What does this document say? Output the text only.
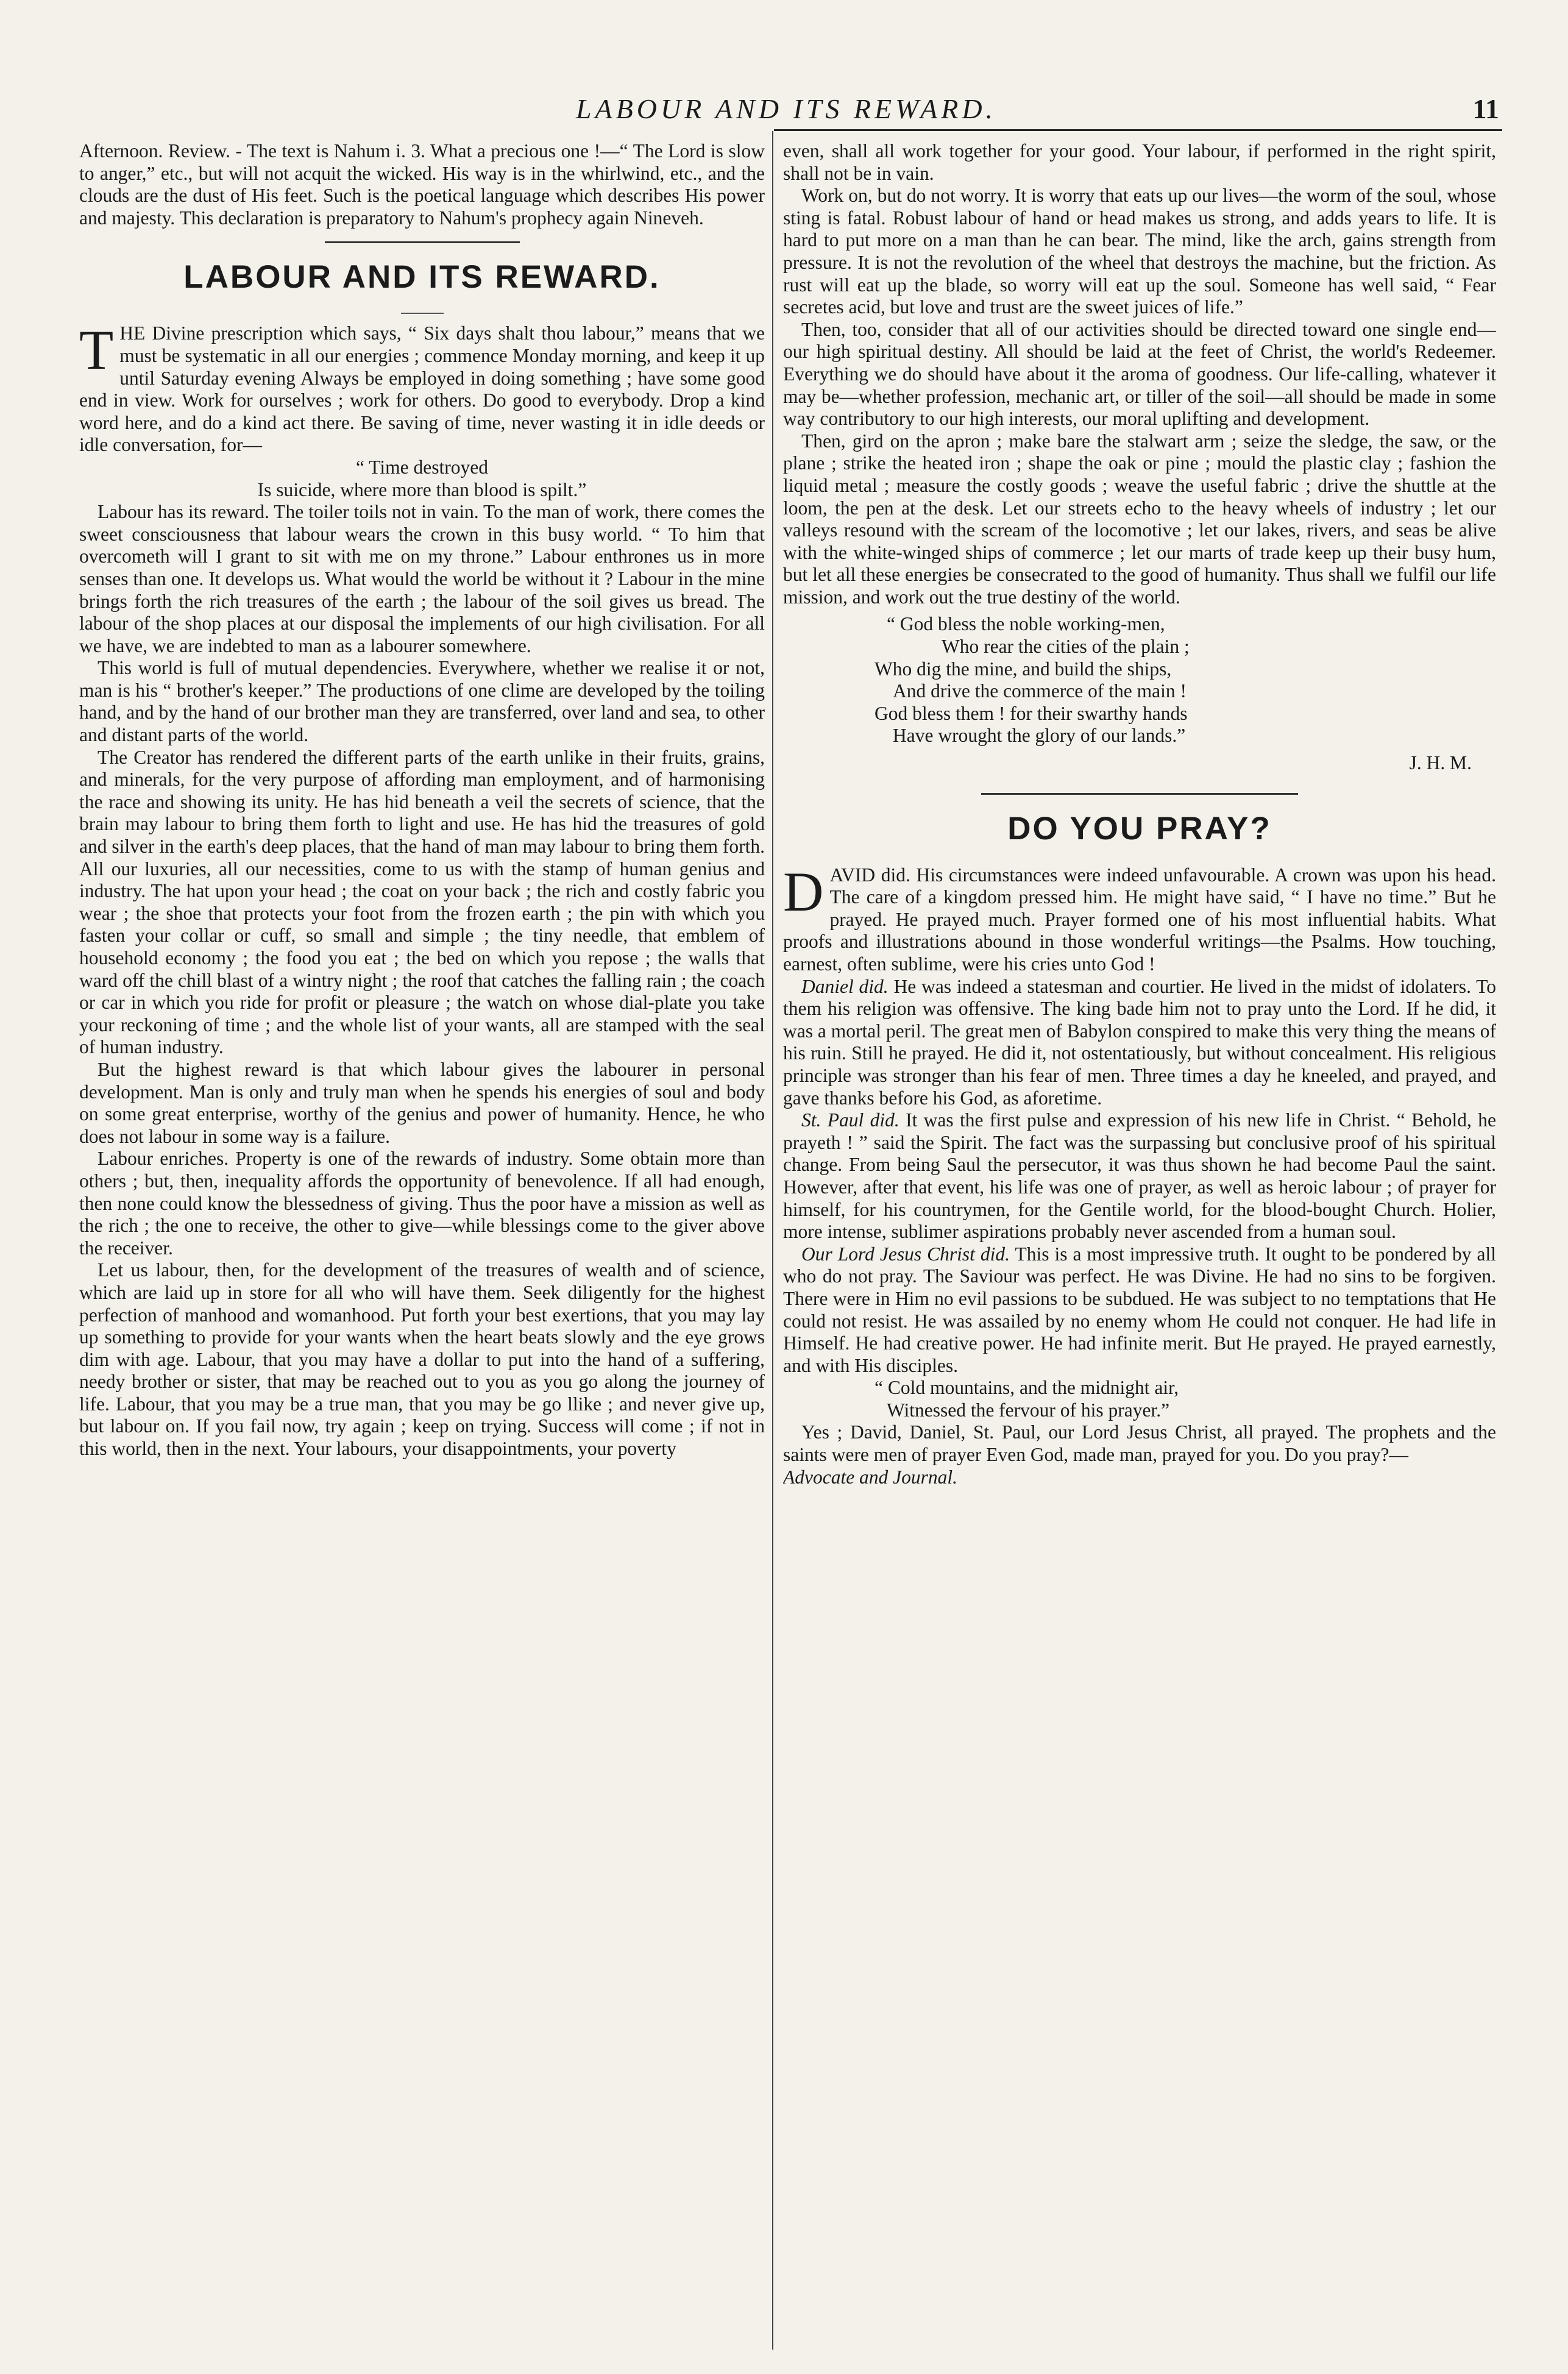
LABOUR AND ITS REWARD.	11

Afternoon. Review. - The text is Nahum i. 3. What a precious one !—“ The Lord is slow to anger,” etc., but will not acquit the wicked. His way is in the whirlwind, etc., and the clouds are the dust of His feet. Such is the poetical language which describes His power and majesty. This declaration is preparatory to Nahum's prophecy again Nineveh.

LABOUR AND ITS REWARD.

THE Divine prescription which says, “ Six days shalt thou labour,” means that we must be systematic in all our energies ; commence Monday morning, and keep it up until Saturday evening Always be employed in doing something ; have some good end in view. Work for ourselves ; work for others. Do good to everybody. Drop a kind word here, and do a kind act there. Be saving of time, never wasting it in idle deeds or idle conversation, for—

“ Time destroyed

Is suicide, where more than blood is spilt.”

Labour has its reward. The toiler toils not in vain. To the man of work, there comes the sweet consciousness that labour wears the crown in this busy world. “ To him that overcometh will I grant to sit with me on my throne.” Labour enthrones us in more senses than one. It develops us. What would the world be without it ? Labour in the mine brings forth the rich treasures of the earth ; the labour of the soil gives us bread. The labour of the shop places at our disposal the implements of our high civilisation. For all we have, we are indebted to man as a labourer somewhere.

This world is full of mutual dependencies. Everywhere, whether we realise it or not, man is his “ brother's keeper.” The productions of one clime are developed by the toiling hand, and by the hand of our brother man they are transferred, over land and sea, to other and distant parts of the world.

The Creator has rendered the different parts of the earth unlike in their fruits, grains, and minerals, for the very purpose of affording man employment, and of harmonising the race and showing its unity. He has hid beneath a veil the secrets of science, that the brain may labour to bring them forth to light and use. He has hid the treasures of gold and silver in the earth's deep places, that the hand of man may labour to bring them forth. All our luxuries, all our necessities, come to us with the stamp of human genius and industry. The hat upon your head ; the coat on your back ; the rich and costly fabric you wear ; the shoe that protects your foot from the frozen earth ; the pin with which you fasten your collar or cuff, so small and simple ; the tiny needle, that emblem of household economy ; the food you eat ; the bed on which you repose ; the walls that ward off the chill blast of a wintry night ; the roof that catches the falling rain ; the coach or car in which you ride for profit or pleasure ; the watch on whose dial-plate you take your reckoning of time ; and the whole list of your wants, all are stamped with the seal of human industry.

But the highest reward is that which labour gives the labourer in personal development. Man is only and truly man when he spends his energies of soul and body on some great enterprise, worthy of the genius and power of humanity. Hence, he who does not labour in some way is a failure.

Labour enriches. Property is one of the rewards of industry. Some obtain more than others ; but, then, inequality affords the opportunity of benevolence. If all had enough, then none could know the blessedness of giving. Thus the poor have a mission as well as the rich ; the one to receive, the other to give—while blessings come to the giver above the receiver.

Let us labour, then, for the development of the treasures of wealth and of science, which are laid up in store for all who will have them. Seek diligently for the highest perfection of manhood and womanhood. Put forth your best exertions, that you may lay up something to provide for your wants when the heart beats slowly and the eye grows dim with age. Labour, that you may have a dollar to put into the hand of a suffering, needy brother or sister, that may be reached out to you as you go along the journey of life. Labour, that you may be a true man, that you may be go llike ; and never give up, but labour on. If you fail now, try again ; keep on trying. Success will come ; if not in this world, then in the next. Your labours, your disappointments, your poverty

even, shall all work together for your good. Your labour, if performed in the right spirit, shall not be in vain.

Work on, but do not worry. It is worry that eats up our lives—the worm of the soul, whose sting is fatal. Robust labour of hand or head makes us strong, and adds years to life. It is hard to put more on a man than he can bear. The mind, like the arch, gains strength from pressure. It is not the revolution of the wheel that destroys the machine, but the friction. As rust will eat up the blade, so worry will eat up the soul. Someone has well said, “ Fear secretes acid, but love and trust are the sweet juices of life.”

Then, too, consider that all of our activities should be directed toward one single end—our high spiritual destiny. All should be laid at the feet of Christ, the world's Redeemer. Everything we do should have about it the aroma of goodness. Our life-calling, whatever it may be—whether profession, mechanic art, or tiller of the soil—all should be made in some way contributory to our high interests, our moral uplifting and development.

Then, gird on the apron ; make bare the stalwart arm ; seize the sledge, the saw, or the plane ; strike the heated iron ; shape the oak or pine ; mould the plastic clay ; fashion the liquid metal ; measure the costly goods ; weave the useful fabric ; drive the shuttle at the loom, the pen at the desk. Let our streets echo to the heavy wheels of industry ; let our valleys resound with the scream of the locomotive ; let our lakes, rivers, and seas be alive with the white-winged ships of commerce ; let our marts of trade keep up their busy hum, but let all these energies be consecrated to the good of humanity. Thus shall we fulfil our life mission, and work out the true destiny of the world.

“ God bless the noble working-men,
Who rear the cities of the plain ;
Who dig the mine, and build the ships,
And drive the commerce of the main !
God bless them ! for their swarthy hands
Have wrought the glory of our lands.”

J. H. M.

DO YOU PRAY?

DAVID did. His circumstances were indeed unfavourable. A crown was upon his head. The care of a kingdom pressed him. He might have said, “ I have no time.” But he prayed. He prayed much. Prayer formed one of his most influential habits. What proofs and illustrations abound in those wonderful writings—the Psalms. How touching, earnest, often sublime, were his cries unto God !

Daniel did. He was indeed a statesman and courtier. He lived in the midst of idolaters. To them his religion was offensive. The king bade him not to pray unto the Lord. If he did, it was a mortal peril. The great men of Babylon conspired to make this very thing the means of his ruin. Still he prayed. He did it, not ostentatiously, but without concealment. His religious principle was stronger than his fear of men. Three times a day he kneeled, and prayed, and gave thanks before his God, as aforetime.

St. Paul did. It was the first pulse and expression of his new life in Christ. “ Behold, he prayeth ! ” said the Spirit. The fact was the surpassing but conclusive proof of his spiritual change. From being Saul the persecutor, it was thus shown he had become Paul the saint. However, after that event, his life was one of prayer, as well as heroic labour ; of prayer for himself, for his countrymen, for the Gentile world, for the blood-bought Church. Holier, more intense, sublimer aspirations probably never ascended from a human soul.

Our Lord Jesus Christ did. This is a most impressive truth. It ought to be pondered by all who do not pray. The Saviour was perfect. He was Divine. He had no sins to be forgiven. There were in Him no evil passions to be subdued. He was subject to no temptations that He could not resist. He was assailed by no enemy whom He could not conquer. He had life in Himself. He had creative power. He had infinite merit. But He prayed. He prayed earnestly, and with His disciples.

“ Cold mountains, and the midnight air,

Witnessed the fervour of his prayer.”

Yes ; David, Daniel, St. Paul, our Lord Jesus Christ, all prayed. The prophets and the saints were men of prayer Even God, made man, prayed for you. Do you pray?—
Advocate and Journal.
